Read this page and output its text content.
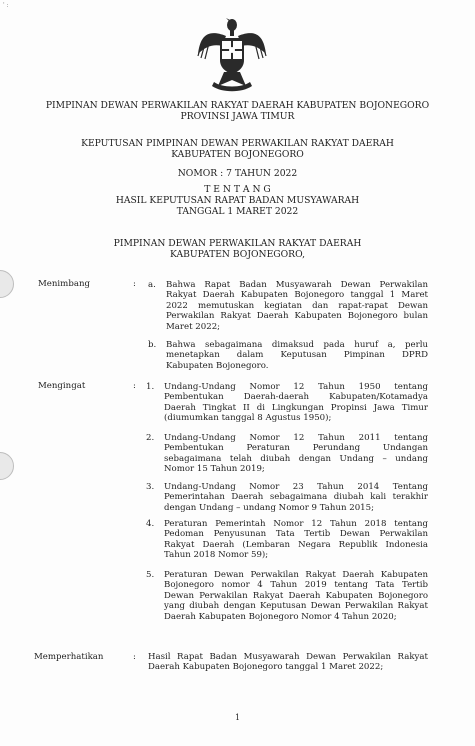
' :
PIMPINAN DEWAN PERWAKILAN RAKYAT DAERAH KABUPATEN BOJONEGORO
PROVINSI JAWA TIMUR
KEPUTUSAN PIMPINAN DEWAN PERWAKILAN RAKYAT DAERAH
KABUPATEN BOJONEGORO
NOMOR : 7 TAHUN 2022
T E N T A N G
HASIL KEPUTUSAN RAPAT BADAN MUSYAWARAH
TANGGAL 1 MARET 2022
PIMPINAN DEWAN PERWAKILAN RAKYAT DAERAH
KABUPATEN BOJONEGORO,
Menimbang	: a. Bahwa Rapat Badan Musyawarah Dewan Perwakilan
Rakyat Daerah Kabupaten Bojonegoro tanggal 1 Maret
2022 memutuskan kegiatan dan rapat-rapat Dewan
Perwakilan Rakyat Daerah Kabupaten Bojonegoro bulan
Maret 2022;
b. Bahwa sebagaimana dimaksud pada huruf a, perlu
menetapkan dalam Keputusan Pimpinan DPRD
Kabupaten Bojonegoro.
Mengingat	: 1. Undang-Undang Nomor 12 Tahun 1950 tentang
Pembentukan Daerah-daerah Kabupaten/Kotamadya
Daerah Tingkat II di Lingkungan Propinsi Jawa Timur
(diumumkan tanggal 8 Agustus 1950);
2. Undang-Undang Nomor 12 Tahun 2011 tentang
Pembentukan Peraturan Perundang Undangan
sebagaimana telah diubah dengan Undang – undang
Nomor 15 Tahun 2019;
3. Undang-Undang Nomor 23 Tahun 2014 Tentang
Pemerintahan Daerah sebagaimana diubah kali terakhir
dengan Undang – undang Nomor 9 Tahun 2015;
4. Peraturan Pemerintah Nomor 12 Tahun 2018 tentang
Pedoman Penyusunan Tata Tertib Dewan Perwakilan
Rakyat Daerah (Lembaran Negara Republik Indonesia
Tahun 2018 Nomor 59);
5. Peraturan Dewan Perwakilan Rakyat Daerah Kabupaten
Bojonegoro nomor 4 Tahun 2019 tentang Tata Tertib
Dewan Perwakilan Rakyat Daerah Kabupaten Bojonegoro
yang diubah dengan Keputusan Dewan Perwakilan Rakyat
Daerah Kabupaten Bojonegoro Nomor 4 Tahun 2020;
Memperhatikan	: Hasil Rapat Badan Musyawarah Dewan Perwakilan Rakyat
Daerah Kabupaten Bojonegoro tanggal 1 Maret 2022;
1
